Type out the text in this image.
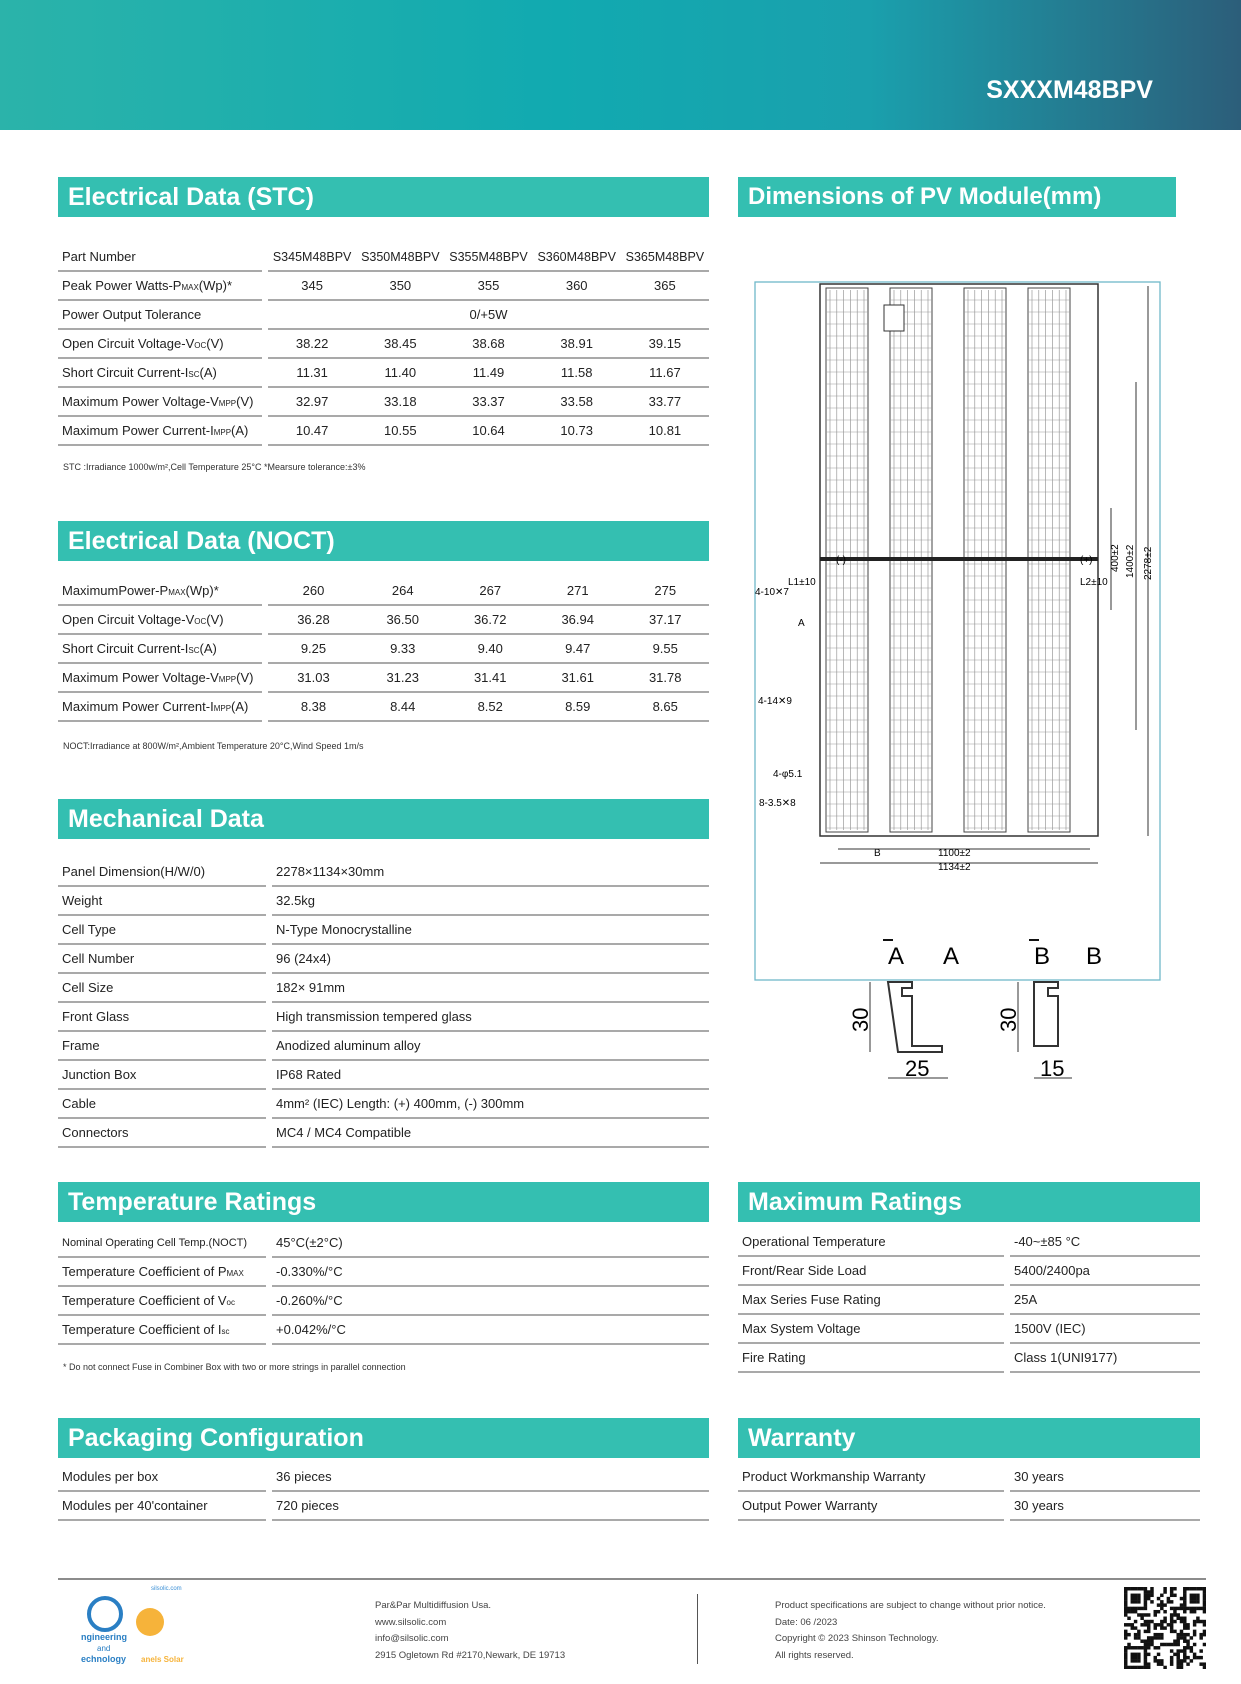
SXXXM48BPV
Electrical Data (STC)
Part Number	S345M48BPV	S350M48BPV	S355M48BPV	S360M48BPV	S365M48BPV
Peak Power Watts-PMAX(Wp)*	345	350	355	360	365
Power Output Tolerance	0/+5W				
Open Circuit Voltage-VOC(V)	38.22	38.45	38.68	38.91	39.15
Short Circuit Current-ISC(A)	11.31	11.40	11.49	11.58	11.67
Maximum Power Voltage-VMPP(V)	32.97	33.18	33.37	33.58	33.77
Maximum Power Current-IMPP(A)	10.47	10.55	10.64	10.73	10.81
STC :Irradiance 1000w/m²,Cell Temperature 25°C *Mearsure tolerance:±3%
Electrical Data (NOCT)
MaximumPower-PMAX(Wp)*	260	264	267	271	275
Open Circuit Voltage-VOC(V)	36.28	36.50	36.72	36.94	37.17
Short Circuit Current-ISC(A)	9.25	9.33	9.40	9.47	9.55
Maximum Power Voltage-VMPP(V)	31.03	31.23	31.41	31.61	31.78
Maximum Power Current-IMPP(A)	8.38	8.44	8.52	8.59	8.65
NOCT:Irradiance at 800W/m²,Ambient Temperature 20°C,Wind Speed 1m/s
Mechanical Data
Panel Dimension(H/W/0)	2278×1134×30mm
Weight	32.5kg
Cell Type	N-Type Monocrystalline
Cell Number	96 (24x4)
Cell Size	182× 91mm
Front Glass	High transmission tempered glass
Frame	Anodized aluminum alloy
Junction Box	IP68 Rated
Cable	4mm² (IEC) Length: (+) 400mm, (-) 300mm
Connectors	MC4 / MC4 Compatible
Dimensions of PV Module(mm)
(-)	(+)
L1±10	L2±10
4-10✕7
A
4-14✕9
4-φ5.1
8-3.5✕8
B	1100±2
1134±2
400±2 1400±2 2278±2
A A
30
25
B B
30
15
Temperature Ratings
Nominal Operating Cell Temp.(NOCT)	45°C(±2°C)
Temperature Coefficient of PMAX	-0.330%/°C
Temperature Coefficient of Voc	-0.260%/°C
Temperature Coefficient of Isc	+0.042%/°C
* Do not connect Fuse in Combiner Box with two or more strings in parallel connection
Maximum Ratings
Operational Temperature	-40~±85 °C
Front/Rear Side Load	5400/2400pa
Max Series Fuse Rating	25A
Max System Voltage	1500V (IEC)
Fire Rating	Class 1(UNI9177)
Packaging Configuration
Modules per box	36 pieces
Modules per 40'container	720 pieces
Warranty
Product Workmanship Warranty	30 years
Output Power Warranty	30 years
silsolic.com
ngineering
and
echnology anels Solar
Par&Par Multidiffusion Usa.
www.silsolic.com
info@silsolic.com
2915 Ogletown Rd #2170,Newark, DE 19713
Product specifications are subject to change without prior notice.
Date: 06 /2023
Copyright © 2023 Shinson Technology.
All rights reserved.
